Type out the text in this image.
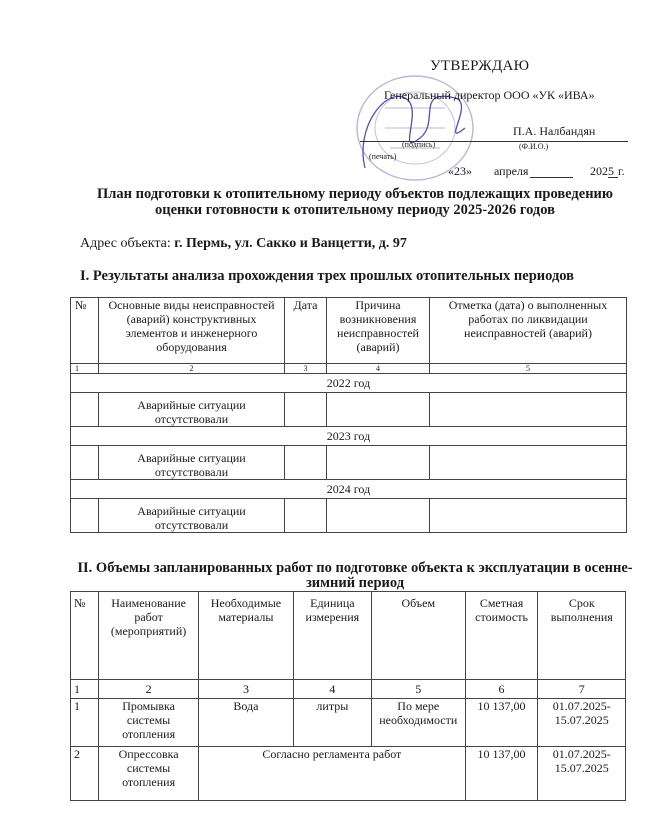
УТВЕРЖДАЮ
Генеральный директор ООО «УК «ИВА»
П.А. Налбандян
(подпись)	(Ф.И.О.)
(печать)
«23» апреля	2025 г.
План подготовки к отопительному периоду объектов подлежащих проведению оценки готовности к отопительному периоду 2025-2026 годов
Адрес объекта: г. Пермь, ул. Сакко и Ванцетти, д. 97
I. Результаты анализа прохождения трех прошлых отопительных периодов
№	Основные виды неисправностей (аварий) конструктивных элементов и инженерного оборудования	Дата	Причина возникновения неисправностей (аварий)	Отметка (дата) о выполненных работах по ликвидации неисправностей (аварий)
1	2	3	4	5
2022 год				
	Аварийные ситуации отсутствовали			
2023 год				
	Аварийные ситуации отсутствовали			
2024 год				
	Аварийные ситуации отсутствовали			
II. Объемы запланированных работ по подготовке объекта к эксплуатации в осенне-зимний период
№	Наименование работ (мероприятий)	Необходимые материалы	Единица измерения	Объем	Сметная стоимость	Срок выполнения
1	2	3	4	5	6	7
1	Промывка системы отопления	Вода	литры	По мере необходимости	10 137,00	01.07.2025-15.07.2025
2	Опрессовка системы отопления	Согласно регламента работ			10 137,00	01.07.2025-15.07.2025
